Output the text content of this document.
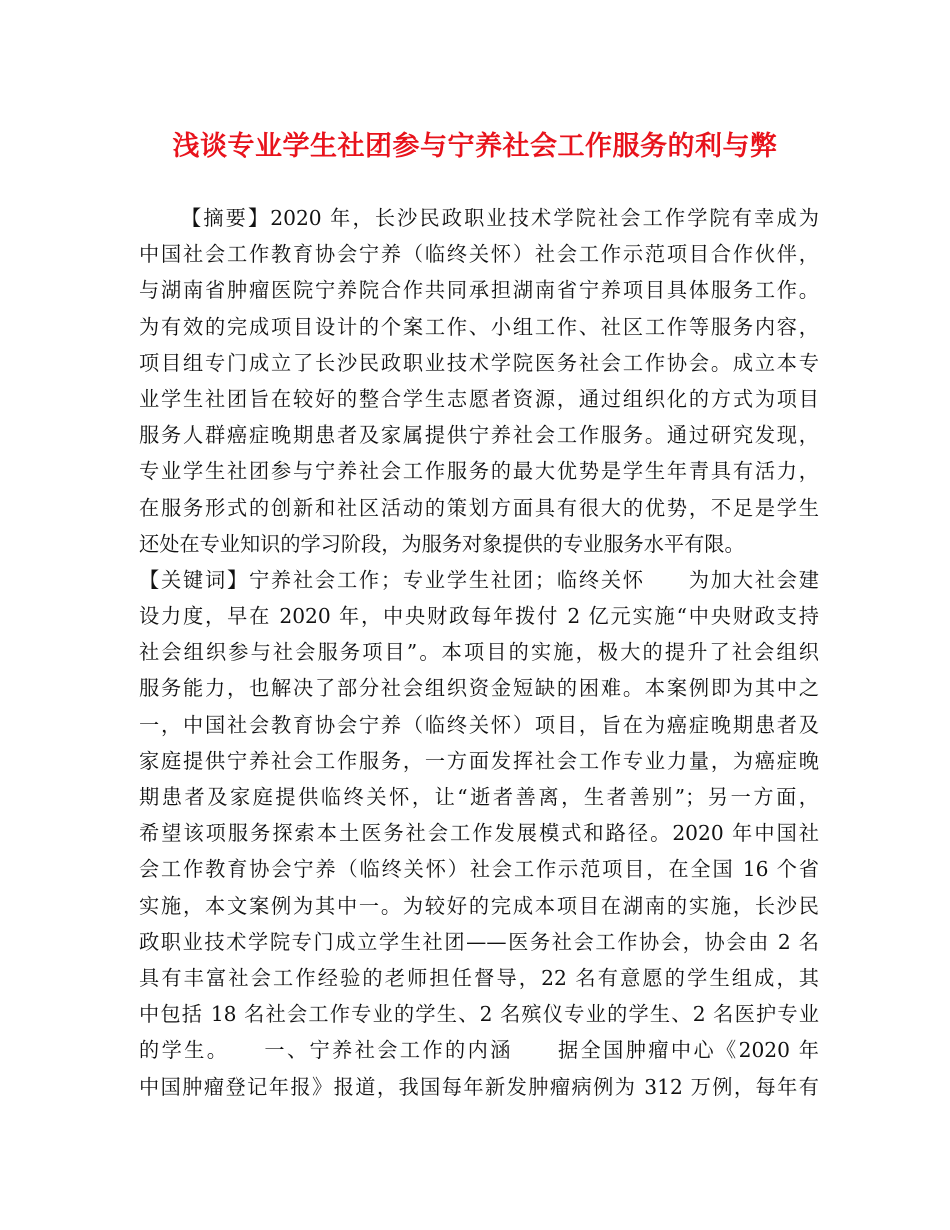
浅谈专业学生社团参与宁养社会工作服务的利与弊
【摘要】2020 年，长沙民政职业技术学院社会工作学院有幸成为
中国社会工作教育协会宁养（临终关怀）社会工作示范项目合作伙伴，
与湖南省肿瘤医院宁养院合作共同承担湖南省宁养项目具体服务工作。
为有效的完成项目设计的个案工作、小组工作、社区工作等服务内容，
项目组专门成立了长沙民政职业技术学院医务社会工作协会。成立本专
业学生社团旨在较好的整合学生志愿者资源，通过组织化的方式为项目
服务人群癌症晚期患者及家属提供宁养社会工作服务。通过研究发现，
专业学生社团参与宁养社会工作服务的最大优势是学生年青具有活力，
在服务形式的创新和社区活动的策划方面具有很大的优势，不足是学生
还处在专业知识的学习阶段，为服务对象提供的专业服务水平有限。
【关键词】宁养社会工作；专业学生社团；临终关怀　　为加大社会建
设力度，早在 2020 年，中央财政每年拨付 2 亿元实施“中央财政支持
社会组织参与社会服务项目”。本项目的实施，极大的提升了社会组织
服务能力，也解决了部分社会组织资金短缺的困难。本案例即为其中之
一，中国社会教育协会宁养（临终关怀）项目，旨在为癌症晚期患者及
家庭提供宁养社会工作服务，一方面发挥社会工作专业力量，为癌症晚
期患者及家庭提供临终关怀，让“逝者善离，生者善别”；另一方面，
希望该项服务探索本土医务社会工作发展模式和路径。2020 年中国社
会工作教育协会宁养（临终关怀）社会工作示范项目，在全国 16 个省
实施，本文案例为其中一。为较好的完成本项目在湖南的实施，长沙民
政职业技术学院专门成立学生社团——医务社会工作协会，协会由 2 名
具有丰富社会工作经验的老师担任督导，22 名有意愿的学生组成，其
中包括 18 名社会工作专业的学生、2 名殡仪专业的学生、2 名医护专业
的学生。　　一、宁养社会工作的内涵　　据全国肿瘤中心《2020 年
中国肿瘤登记年报》报道，我国每年新发肿瘤病例为 312 万例，每年有
